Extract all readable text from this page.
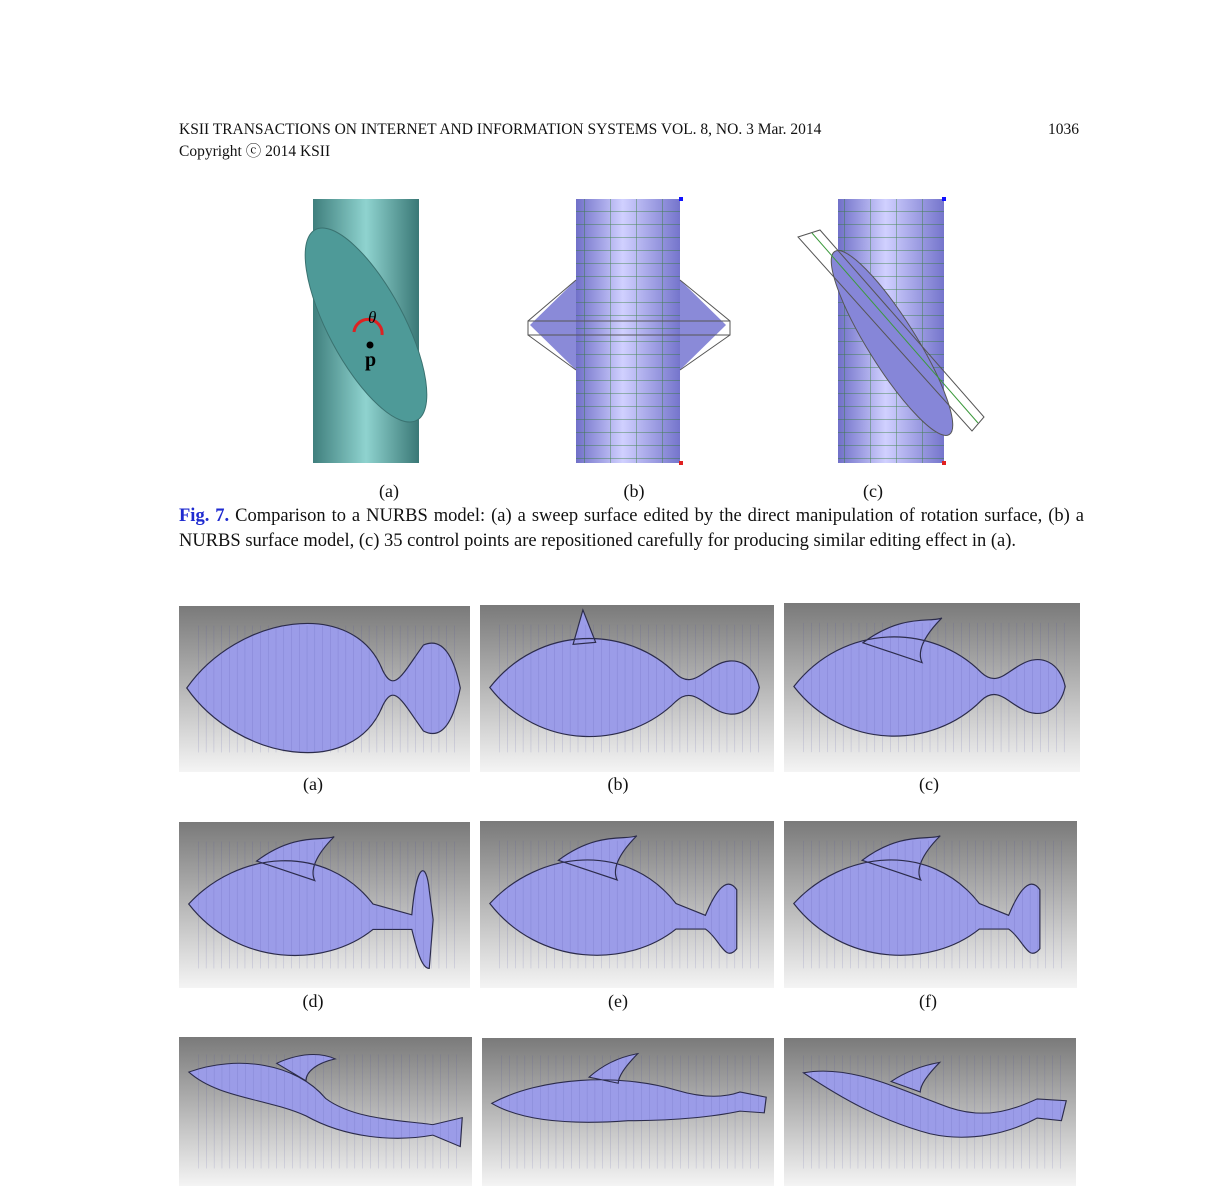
KSII TRANSACTIONS ON INTERNET AND INFORMATION SYSTEMS VOL. 8, NO. 3 Mar. 2014
Copyright ⓒ 2014 KSII
1036
θ
p
(a)	(b)	(c)
Fig. 7. Comparison to a NURBS model: (a) a sweep surface edited by the direct manipulation of rotation surface, (b) a NURBS surface model, (c) 35 control points are repositioned carefully for producing similar editing effect in (a).
(a)	(b)	(c)
(d)	(e)	(f)
